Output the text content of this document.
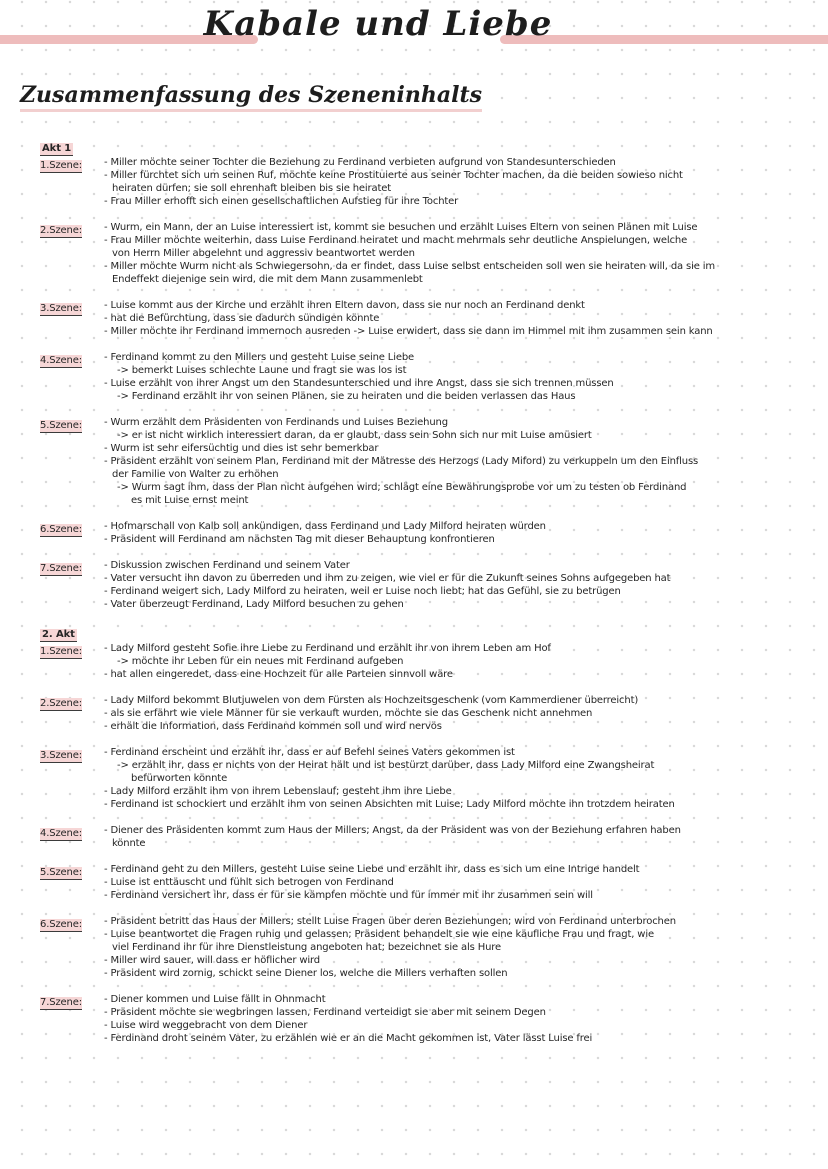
Kabale und Liebe
Zusammenfassung des Szeneninhalts
Akt 1
1.Szene:	- Miller möchte seiner Tochter die Beziehung zu Ferdinand verbieten aufgrund von Standesunterschieden
- Miller fürchtet sich um seinen Ruf, möchte keine Prostituierte aus seiner Tochter machen, da die beiden sowieso nicht
heiraten dürfen; sie soll ehrenhaft bleiben bis sie heiratet
- Frau Miller erhofft sich einen gesellschaftlichen Aufstieg für ihre Tochter
2.Szene:	- Wurm, ein Mann, der an Luise interessiert ist, kommt sie besuchen und erzählt Luises Eltern von seinen Plänen mit Luise
- Frau Miller möchte weiterhin, dass Luise Ferdinand heiratet und macht mehrmals sehr deutliche Anspielungen, welche
von Herrn Miller abgelehnt und aggressiv beantwortet werden
- Miller möchte Wurm nicht als Schwiegersohn, da er findet, dass Luise selbst entscheiden soll wen sie heiraten will, da sie im
Endeffekt diejenige sein wird, die mit dem Mann zusammenlebt
3.Szene:	- Luise kommt aus der Kirche und erzählt ihren Eltern davon, dass sie nur noch an Ferdinand denkt
- hat die Befürchtung, dass sie dadurch sündigen könnte
- Miller möchte ihr Ferdinand immernoch ausreden -> Luise erwidert, dass sie dann im Himmel mit ihm zusammen sein kann
4.Szene:	- Ferdinand kommt zu den Millers und gesteht Luise seine Liebe
-> bemerkt Luises schlechte Laune und fragt sie was los ist
- Luise erzählt von ihrer Angst um den Standesunterschied und ihre Angst, dass sie sich trennen müssen
-> Ferdinand erzählt ihr von seinen Plänen, sie zu heiraten und die beiden verlassen das Haus
5.Szene:	- Wurm erzählt dem Präsidenten von Ferdinands und Luises Beziehung
-> er ist nicht wirklich interessiert daran, da er glaubt, dass sein Sohn sich nur mit Luise amüsiert
- Wurm ist sehr eifersüchtig und dies ist sehr bemerkbar
- Präsident erzählt von seinem Plan, Ferdinand mit der Mätresse des Herzogs (Lady Miford) zu verkuppeln um den Einfluss
der Familie von Walter zu erhöhen
-> Wurm sagt ihm, dass der Plan nicht aufgehen wird; schlägt eine Bewährungsprobe vor um zu testen ob Ferdinand
es mit Luise ernst meint
6.Szene:	- Hofmarschall von Kalb soll ankündigen, dass Ferdinand und Lady Milford heiraten würden
- Präsident will Ferdinand am nächsten Tag mit dieser Behauptung konfrontieren
7.Szene:	- Diskussion zwischen Ferdinand und seinem Vater
- Vater versucht ihn davon zu überreden und ihm zu zeigen, wie viel er für die Zukunft seines Sohns aufgegeben hat
- Ferdinand weigert sich, Lady Milford zu heiraten, weil er Luise noch liebt; hat das Gefühl, sie zu betrügen
- Vater überzeugt Ferdinand, Lady Milford besuchen zu gehen
2. Akt
1.Szene:	- Lady Milford gesteht Sofie ihre Liebe zu Ferdinand und erzählt ihr von ihrem Leben am Hof
-> möchte ihr Leben für ein neues mit Ferdinand aufgeben
- hat allen eingeredet, dass eine Hochzeit für alle Parteien sinnvoll wäre
2.Szene:	- Lady Milford bekommt Blutjuwelen von dem Fürsten als Hochzeitsgeschenk (vom Kammerdiener überreicht)
- als sie erfährt wie viele Männer für sie verkauft wurden, möchte sie das Geschenk nicht annehmen
- erhält die Information, dass Ferdinand kommen soll und wird nervös
3.Szene:	- Ferdinand erscheint und erzählt ihr, dass er auf Befehl seines Vaters gekommen ist
-> erzählt ihr, dass er nichts von der Heirat hält und ist bestürzt darüber, dass Lady Milford eine Zwangsheirat
befürworten könnte
- Lady Milford erzählt ihm von ihrem Lebenslauf; gesteht ihm ihre Liebe
- Ferdinand ist schockiert und erzählt ihm von seinen Absichten mit Luise; Lady Milford möchte ihn trotzdem heiraten
4.Szene:	- Diener des Präsidenten kommt zum Haus der Millers; Angst, da der Präsident was von der Beziehung erfahren haben
könnte
5.Szene:	- Ferdinand geht zu den Millers, gesteht Luise seine Liebe und erzählt ihr, dass es sich um eine Intrige handelt
- Luise ist enttäuscht und fühlt sich betrogen von Ferdinand
- Ferdinand versichert ihr, dass er für sie kämpfen möchte und für immer mit ihr zusammen sein will
6.Szene:	- Präsident betritt das Haus der Millers; stellt Luise Fragen über deren Beziehungen; wird von Ferdinand unterbrochen
- Luise beantwortet die Fragen ruhig und gelassen; Präsident behandelt sie wie eine käufliche Frau und fragt, wie
viel Ferdinand ihr für ihre Dienstleistung angeboten hat; bezeichnet sie als Hure
- Miller wird sauer, will dass er höflicher wird
- Präsident wird zornig, schickt seine Diener los, welche die Millers verhaften sollen
7.Szene:	- Diener kommen und Luise fällt in Ohnmacht
- Präsident möchte sie wegbringen lassen, Ferdinand verteidigt sie aber mit seinem Degen
- Luise wird weggebracht von dem Diener
- Ferdinand droht seinem Vater, zu erzählen wie er an die Macht gekommen ist, Vater lässt Luise frei
